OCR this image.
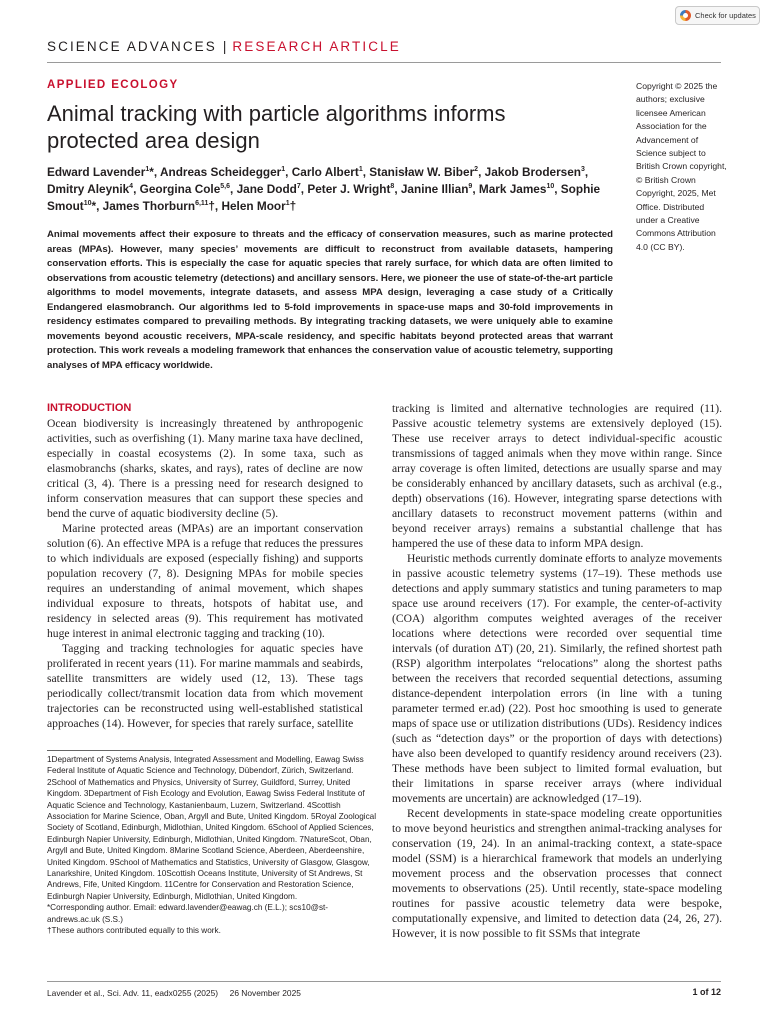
Check for updates
SCIENCE ADVANCES | RESEARCH ARTICLE
APPLIED ECOLOGY
Animal tracking with particle algorithms informs protected area design
Edward Lavender$^1$*, Andreas Scheidegger$^1$, Carlo Albert$^1$, Stanisław W. Biber$^2$, Jakob Brodersen$^3$, Dmitry Aleynik$^4$, Georgina Cole$^{5,6}$, Jane Dodd$^7$, Peter J. Wright$^8$, Janine Illian$^9$, Mark James$^{10}$, Sophie Smout$^{10}$*, James Thorburn$^{6,11}$†, Helen Moor$^1$†
Copyright © 2025 the authors; exclusive licensee American Association for the Advancement of Science subject to British Crown copyright, © British Crown Copyright, 2025, Met Office. Distributed under a Creative Commons Attribution 4.0 (CC BY).
Animal movements affect their exposure to threats and the efficacy of conservation measures, such as marine protected areas (MPAs). However, many species’ movements are difficult to reconstruct from available datasets, hampering conservation efforts. This is especially the case for aquatic species that rarely surface, for which data are often limited to observations from acoustic telemetry (detections) and ancillary sensors. Here, we pioneer the use of state-of-the-art particle algorithms to model movements, integrate datasets, and assess MPA design, leveraging a case study of a Critically Endangered elasmobranch. Our algorithms led to 5-fold improvements in space-use maps and 30-fold improvements in residency estimates compared to prevailing methods. By integrating tracking datasets, we were uniquely able to examine movements beyond acoustic receivers, MPA-scale residency, and specific habitats beyond protected areas that warrant protection. This work reveals a modeling framework that enhances the conservation value of acoustic telemetry, supporting analyses of MPA efficacy worldwide.

INTRODUCTION

Ocean biodiversity is increasingly threatened by anthropogenic activities, such as overfishing (1). Many marine taxa have declined, especially in coastal ecosystems (2). In some taxa, such as elasmobranchs (sharks, skates, and rays), rates of decline are now critical (3, 4). There is a pressing need for research designed to inform conservation measures that can support these species and bend the curve of aquatic biodiversity decline (5).

Marine protected areas (MPAs) are an important conservation solution (6). An effective MPA is a refuge that reduces the pressures to which individuals are exposed (especially fishing) and supports population recovery (7, 8). Designing MPAs for mobile species requires an understanding of animal movement, which shapes individual exposure to threats, hotspots of habitat use, and residency in selected areas (9). This requirement has motivated huge interest in animal electronic tagging and tracking (10).

Tagging and tracking technologies for aquatic species have proliferated in recent years (11). For marine mammals and seabirds, satellite transmitters are widely used (12, 13). These tags periodically collect/transmit location data from which movement trajectories can be reconstructed using well-established statistical approaches (14). However, for species that rarely surface, satellite

tracking is limited and alternative technologies are required (11). Passive acoustic telemetry systems are extensively deployed (15). These use receiver arrays to detect individual-specific acoustic transmissions of tagged animals when they move within range. Since array coverage is often limited, detections are usually sparse and may be considerably enhanced by ancillary datasets, such as archival (e.g., depth) observations (16). However, integrating sparse detections with ancillary datasets to reconstruct movement patterns (within and beyond receiver arrays) remains a substantial challenge that has hampered the use of these data to inform MPA design.

Heuristic methods currently dominate efforts to analyze movements in passive acoustic telemetry systems (17–19). These methods use detections and apply summary statistics and tuning parameters to map space use around receivers (17). For example, the center-of-activity (COA) algorithm computes weighted averages of the receiver locations where detections were recorded over sequential time intervals (of duration ΔT) (20, 21). Similarly, the refined shortest path (RSP) algorithm interpolates “relocations” along the shortest paths between the receivers that recorded sequential detections, assuming distance-dependent interpolation errors (in line with a tuning parameter termed er.ad) (22). Post hoc smoothing is used to generate maps of space use or utilization distributions (UDs). Residency indices (such as “detection days” or the proportion of days with detections) have also been developed to quantify residency around receivers (23). These methods have been subject to limited formal evaluation, but their limitations in sparse receiver arrays (where individual movements are uncertain) are acknowledged (17–19).

Recent developments in state-space modeling create opportunities to move beyond heuristics and strengthen animal-tracking analyses for conservation (19, 24). In an animal-tracking context, a state-space model (SSM) is a hierarchical framework that models an underlying movement process and the observation processes that connect movements to observations (25). Until recently, state-space modeling routines for passive acoustic telemetry data were bespoke, computationally expensive, and limited to detection data (24, 26, 27). However, it is now possible to fit SSMs that integrate

1Department of Systems Analysis, Integrated Assessment and Modelling, Eawag Swiss Federal Institute of Aquatic Science and Technology, Dübendorf, Zürich, Switzerland. 2School of Mathematics and Physics, University of Surrey, Guildford, Surrey, United Kingdom. 3Department of Fish Ecology and Evolution, Eawag Swiss Federal Institute of Aquatic Science and Technology, Kastanienbaum, Luzern, Switzerland. 4Scottish Association for Marine Science, Oban, Argyll and Bute, United Kingdom. 5Royal Zoological Society of Scotland, Edinburgh, Midlothian, United Kingdom. 6School of Applied Sciences, Edinburgh Napier University, Edinburgh, Midlothian, United Kingdom. 7NatureScot, Oban, Argyll and Bute, United Kingdom. 8Marine Scotland Science, Aberdeen, Aberdeenshire, United Kingdom. 9School of Mathematics and Statistics, University of Glasgow, Glasgow, Lanarkshire, United Kingdom. 10Scottish Oceans Institute, University of St Andrews, St Andrews, Fife, United Kingdom. 11Centre for Conservation and Restoration Science, Edinburgh Napier University, Edinburgh, Midlothian, United Kingdom.

*Corresponding author. Email: edward.lavender@eawag.ch (E.L.); scs10@st-andrews.ac.uk (S.S.)

†These authors contributed equally to this work.

Lavender et al., Sci. Adv. 11, eadx0255 (2025)     26 November 2025	1 of 12
